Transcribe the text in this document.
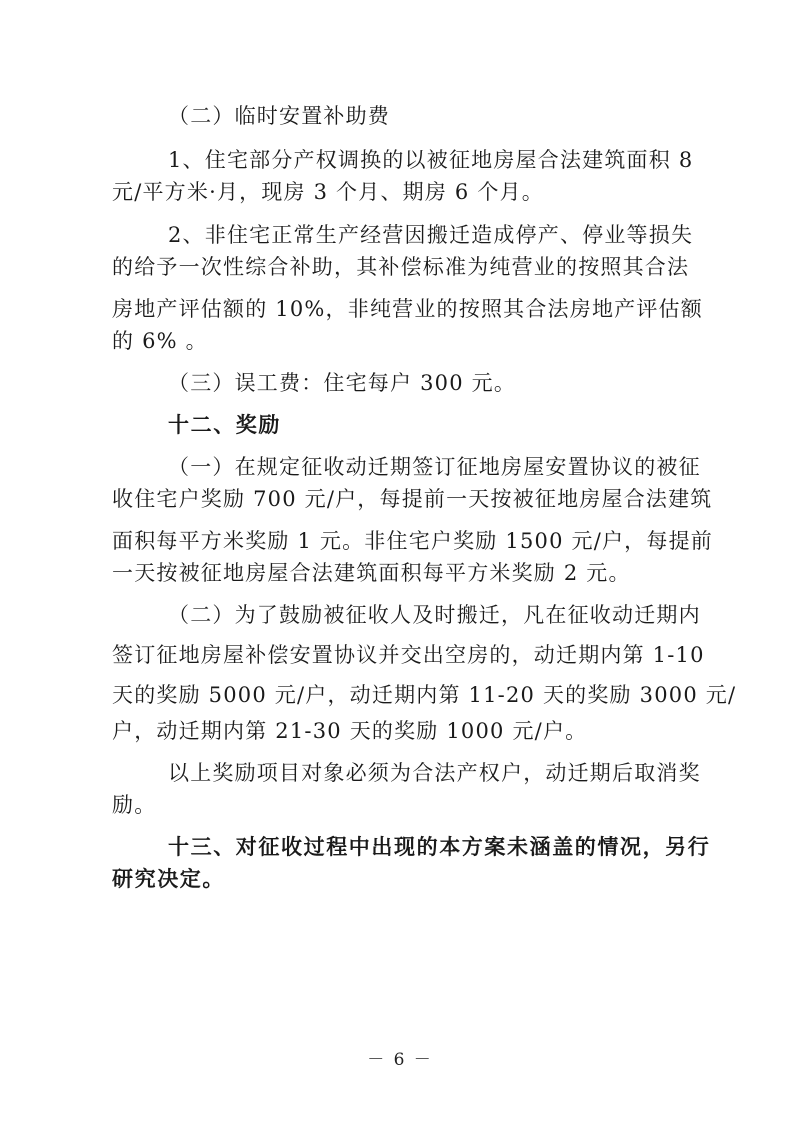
（二）临时安置补助费
1、住宅部分产权调换的以被征地房屋合法建筑面积 8
元/平方米·月，现房 3 个月、期房 6 个月。
2、非住宅正常生产经营因搬迁造成停产、停业等损失
的给予一次性综合补助，其补偿标准为纯营业的按照其合法
房地产评估额的 10%，非纯营业的按照其合法房地产评估额
的 6% 。
（三）误工费：住宅每户 300 元。
十二、奖励
（一）在规定征收动迁期签订征地房屋安置协议的被征
收住宅户奖励 700 元/户，每提前一天按被征地房屋合法建筑
面积每平方米奖励 1 元。非住宅户奖励 1500 元/户，每提前
一天按被征地房屋合法建筑面积每平方米奖励 2 元。
（二）为了鼓励被征收人及时搬迁，凡在征收动迁期内
签订征地房屋补偿安置协议并交出空房的，动迁期内第 1-10
天的奖励 5000 元/户，动迁期内第 11-20 天的奖励 3000 元/
户，动迁期内第 21-30 天的奖励 1000 元/户。
以上奖励项目对象必须为合法产权户，动迁期后取消奖
励。
十三、对征收过程中出现的本方案未涵盖的情况，另行
研究决定。
－ 6 －
